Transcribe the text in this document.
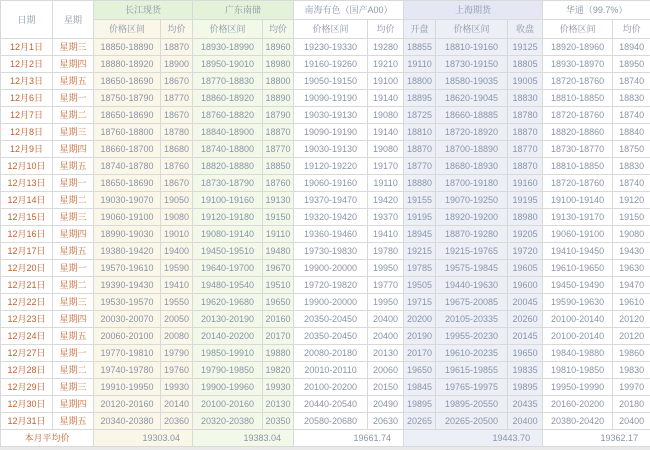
日期	星期	长江现货		广东南储		南海有色（国产A00）		上海期货			华通（99.7%）	
		价格区间	均价	价格区间	均价	价格区间	均价	开盘	价格区间	收盘	价格区间	均价
12月1日	星期三	18850-18890	18870	18930-18990	18960	19230-19330	19280	18855	18810-19160	19125	18920-18960	18940
12月2日	星期四	18880-18920	18900	18950-19010	18980	19160-19260	19210	19110	18730-19150	18805	18930-18970	18950
12月3日	星期五	18650-18690	18670	18770-18830	18800	19050-19150	19100	18800	18580-19035	19005	18720-18760	18740
12月6日	星期一	18750-18790	18770	18860-18920	18890	19090-19190	19140	18895	18620-19045	18830	18810-18850	18830
12月7日	星期二	18650-18690	18670	18760-18820	18790	19030-19130	19080	18725	18660-18885	18780	18720-18760	18740
12月8日	星期三	18760-18800	18780	18840-18900	18870	19090-19190	19140	18810	18720-18920	18870	18820-18860	18840
12月9日	星期四	18660-18700	18680	18740-18800	18770	19030-19130	19080	18870	18700-18890	18770	18730-18770	18750
12月10日	星期五	18740-18780	18760	18820-18880	18850	19120-19220	19170	18770	18680-18930	18870	18810-18850	18830
12月13日	星期一	18650-18690	18670	18730-18790	18760	19060-19160	19110	18880	18700-19180	19160	18720-18760	18740
12月14日	星期二	19030-19070	19050	19100-19160	19130	19370-19470	19420	19155	19070-19250	19195	19100-19140	19120
12月15日	星期三	19060-19100	19080	19120-19180	19150	19320-19420	19370	19195	18920-19200	18980	19130-19170	19150
12月16日	星期四	18990-19030	19010	19080-19140	19110	19360-19460	19410	18945	18870-19280	19205	19060-19100	19080
12月17日	星期五	19380-19420	19400	19450-19510	19480	19730-19830	19780	19215	19215-19765	19720	19410-19450	19430
12月20日	星期一	19570-19610	19590	19640-19700	19670	19900-20000	19950	19785	19575-19845	19605	19610-19650	19630
12月21日	星期二	19390-19430	19410	19480-19540	19510	19720-19820	19770	19505	19440-19630	19600	19450-19490	19470
12月22日	星期三	19530-19570	19550	19620-19680	19650	19900-20000	19950	19715	19675-20085	20045	19590-19630	19610
12月23日	星期四	20030-20070	20050	20130-20190	20160	20350-20450	20400	20200	20105-20335	20260	20100-20140	20120
12月24日	星期五	20060-20100	20080	20140-20200	20170	20350-20450	20400	20190	19955-20230	20145	20100-20140	20120
12月27日	星期一	19770-19810	19790	19850-19910	19880	20080-20180	20130	20170	19610-20235	19650	19840-19880	19860
12月28日	星期二	19740-19780	19760	19790-19850	19820	20010-20110	20060	19650	19615-19855	19835	19810-19850	19830
12月29日	星期三	19910-19950	19930	19900-19960	19930	20100-20200	20150	19845	19765-19975	19895	19950-19990	19970
12月30日	星期四	20120-20160	20140	20100-20160	20130	20440-20540	20490	19895	19895-20550	20435	20160-20200	20180
12月31日	星期五	20340-20380	20360	20320-20380	20350	20580-20680	20630	20265	20265-20500	20400	20380-20420	20400
本月平均价		19303.04		19383.04		19661.74		19443.70			19362.17	
